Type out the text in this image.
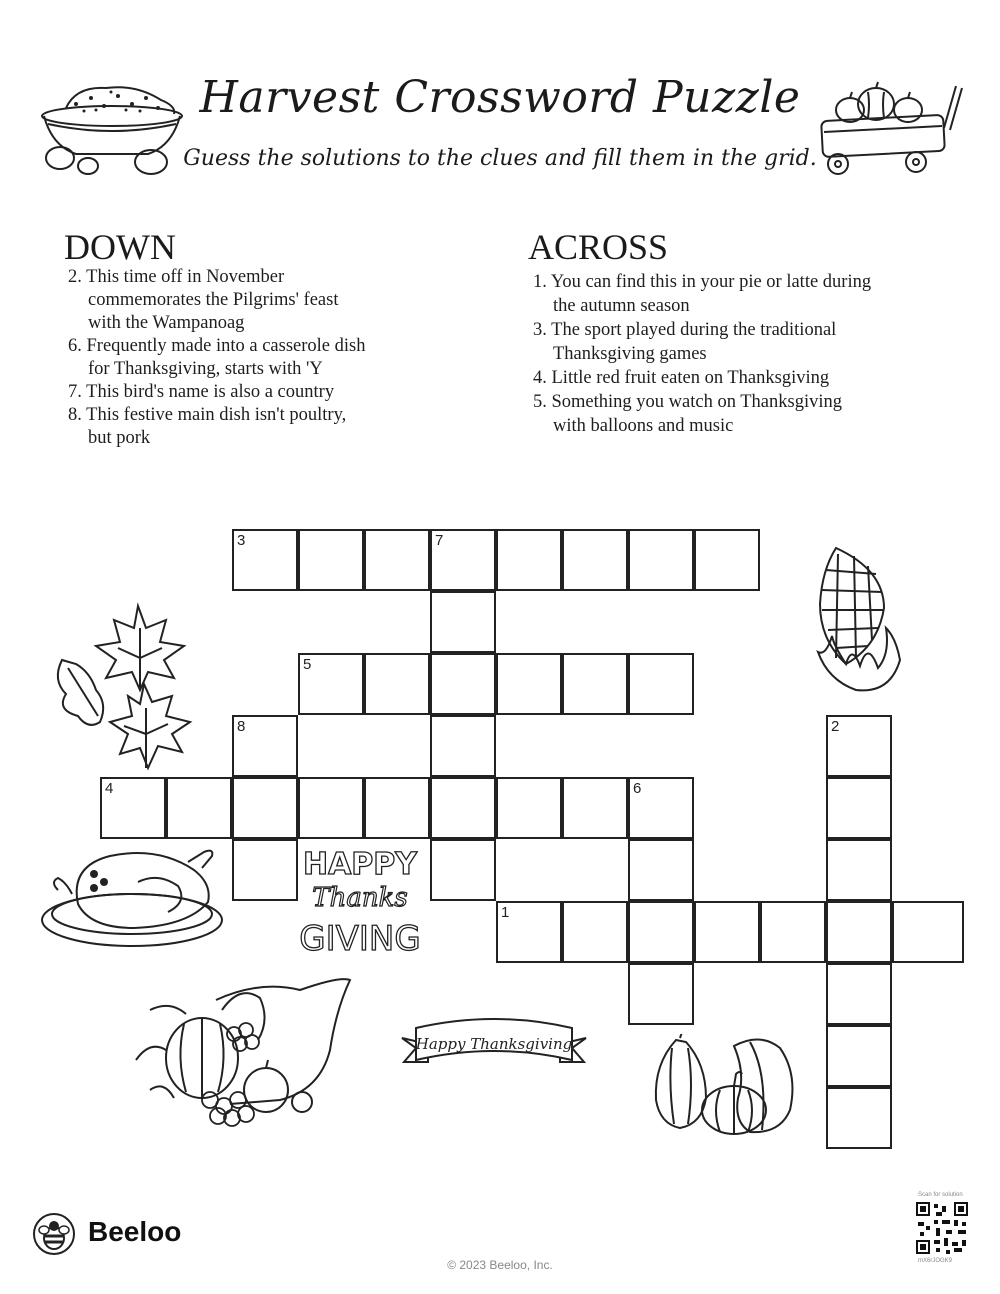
Harvest Crossword Puzzle
Guess the solutions to the clues and fill them in the grid.
DOWN
2. This time off in November commemorates the Pilgrims' feast with the Wampanoag
6. Frequently made into a casserole dish for Thanksgiving, starts with 'Y
7. This bird's name is also a country
8. This festive main dish isn't poultry, but pork
ACROSS
1. You can find this in your pie or latte during the autumn season
3. The sport played during the traditional Thanksgiving games
4. Little red fruit eaten on Thanksgiving
5. Something you watch on Thanksgiving with balloons and music
3	7
5
8	2
4	6
1
HAPPY
Thanks
GIVING
Happy Thanksgiving
Beeloo
© 2023 Beeloo, Inc.
Scan for solution
mX6rJOGK9
